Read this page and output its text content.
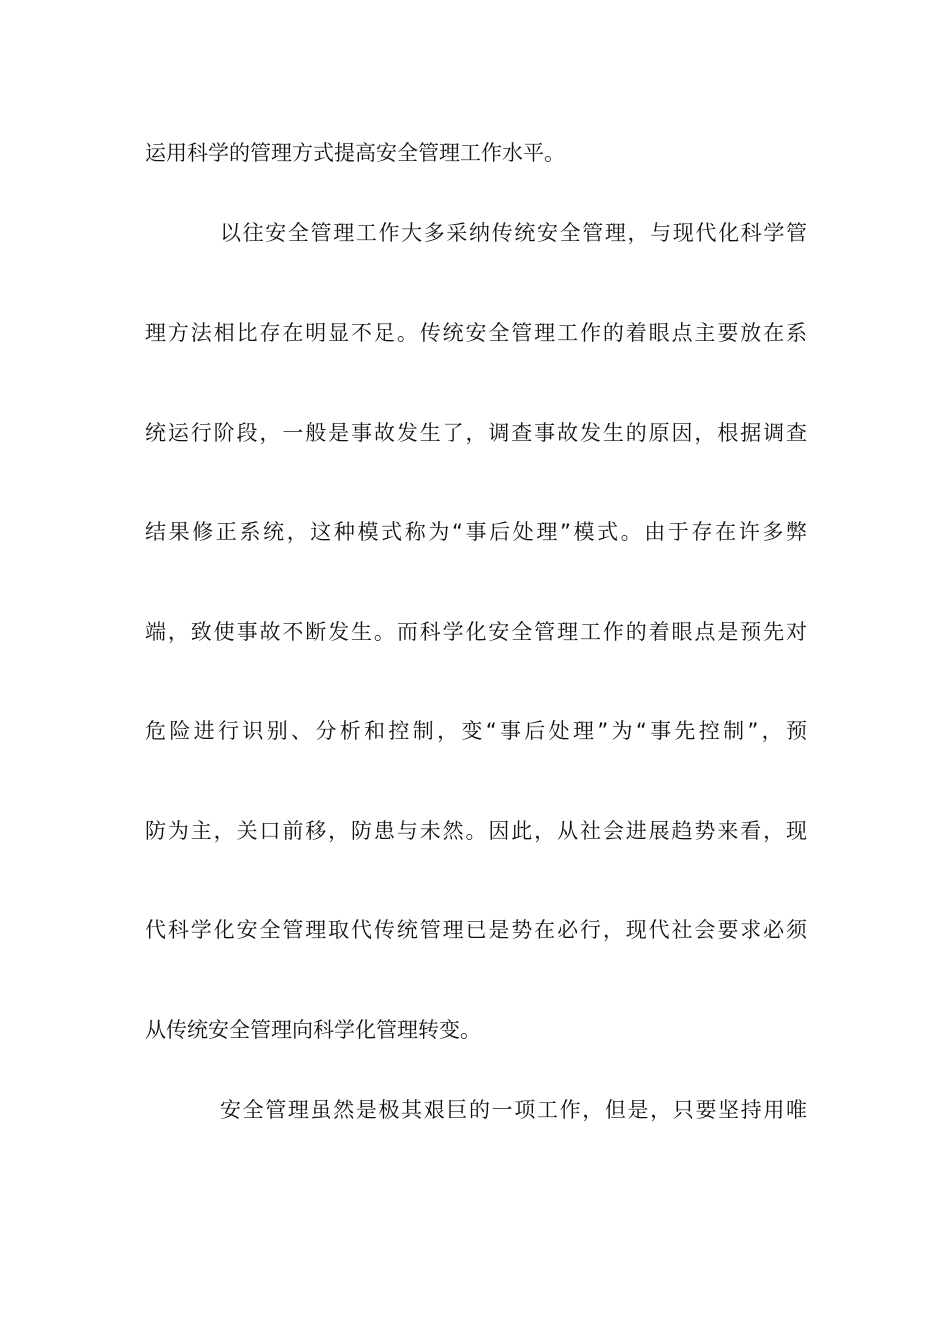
运用科学的管理方式提高安全管理工作水平。
以往安全管理工作大多采纳传统安全管理，与现代化科学管
理方法相比存在明显不足。传统安全管理工作的着眼点主要放在系
统运行阶段，一般是事故发生了，调查事故发生的原因，根据调查
结果修正系统，这种模式称为“事后处理”模式。由于存在许多弊
端，致使事故不断发生。而科学化安全管理工作的着眼点是预先对
危险进行识别、分析和控制，变“事后处理”为“事先控制”，预
防为主，关口前移，防患与未然。因此，从社会进展趋势来看，现
代科学化安全管理取代传统管理已是势在必行，现代社会要求必须
从传统安全管理向科学化管理转变。
安全管理虽然是极其艰巨的一项工作，但是，只要坚持用唯
